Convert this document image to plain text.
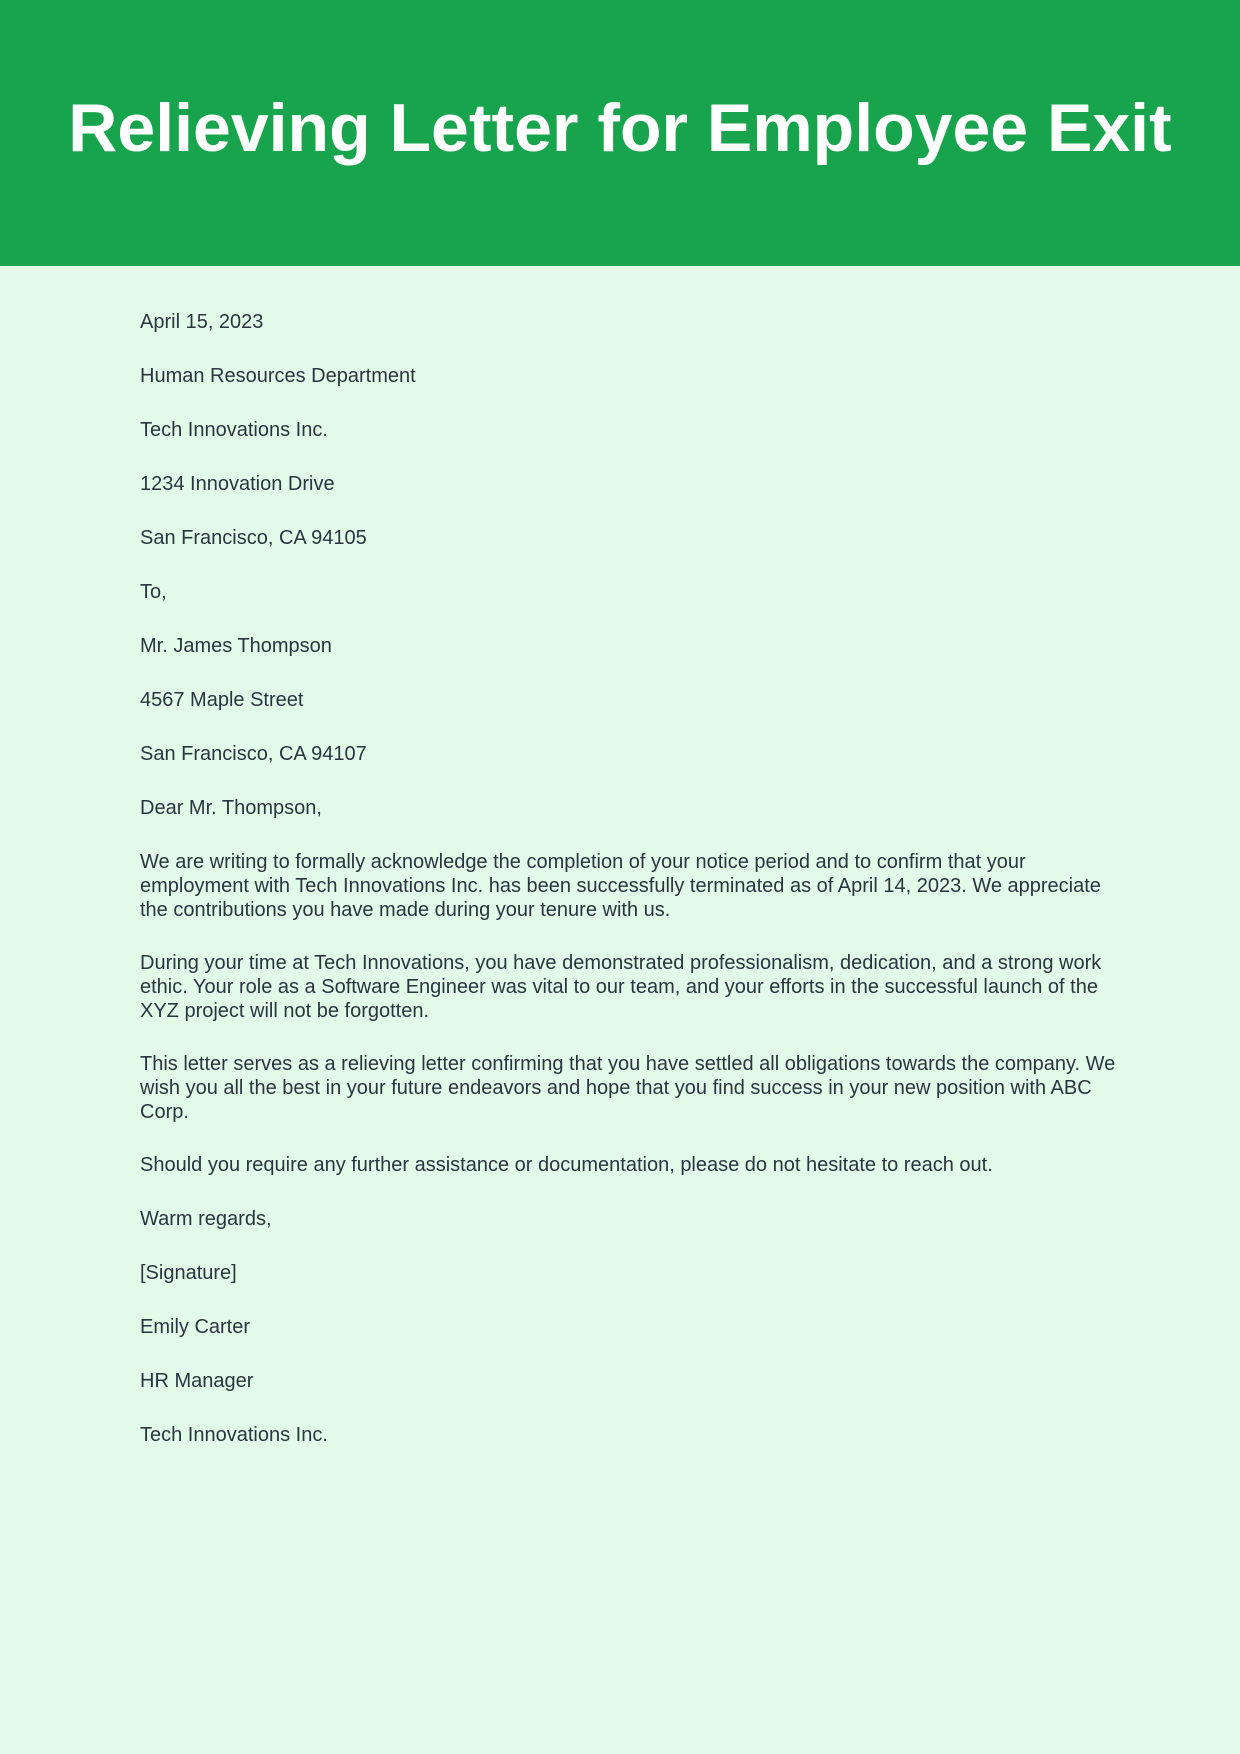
Relieving Letter for Employee Exit

April 15, 2023

Human Resources Department

Tech Innovations Inc.

1234 Innovation Drive

San Francisco, CA 94105

To,

Mr. James Thompson

4567 Maple Street

San Francisco, CA 94107

Dear Mr. Thompson,

We are writing to formally acknowledge the completion of your notice period and to confirm that your employment with Tech Innovations Inc. has been successfully terminated as of April 14, 2023. We appreciate the contributions you have made during your tenure with us.

During your time at Tech Innovations, you have demonstrated professionalism, dedication, and a strong work ethic. Your role as a Software Engineer was vital to our team, and your efforts in the successful launch of the XYZ project will not be forgotten.

This letter serves as a relieving letter confirming that you have settled all obligations towards the company. We wish you all the best in your future endeavors and hope that you find success in your new position with ABC Corp.

Should you require any further assistance or documentation, please do not hesitate to reach out.

Warm regards,

[Signature]

Emily Carter

HR Manager

Tech Innovations Inc.
